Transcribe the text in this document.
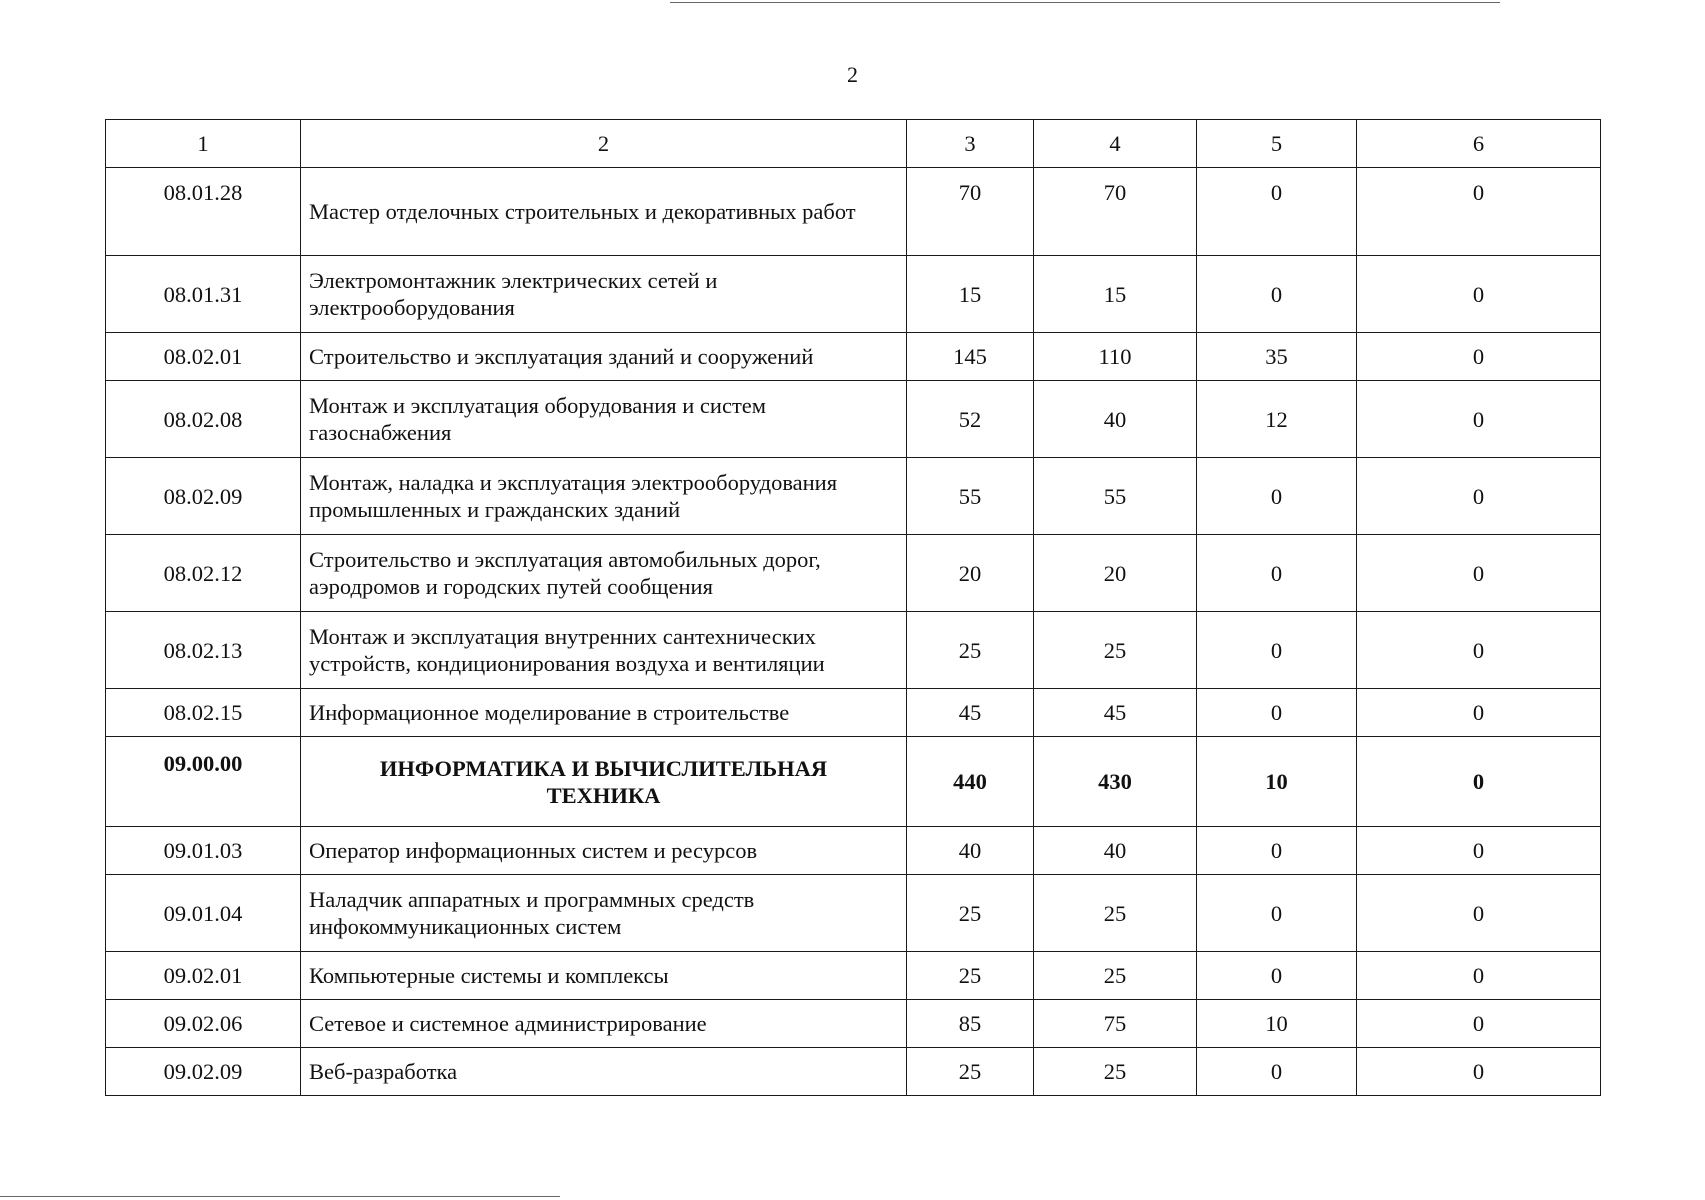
2
1	2	3	4	5	6
08.01.28	Мастер отделочных строительных и декоративных работ	70	70	0	0
08.01.31	Электромонтажник электрических сетей и электрооборудования	15	15	0	0
08.02.01	Строительство и эксплуатация зданий и сооружений	145	110	35	0
08.02.08	Монтаж и эксплуатация оборудования и систем газоснабжения	52	40	12	0
08.02.09	Монтаж, наладка и эксплуатация электрооборудования промышленных и гражданских зданий	55	55	0	0
08.02.12	Строительство и эксплуатация автомобильных дорог, аэродромов и городских путей сообщения	20	20	0	0
08.02.13	Монтаж и эксплуатация внутренних сантехнических устройств, кондиционирования воздуха и вентиляции	25	25	0	0
08.02.15	Информационное моделирование в строительстве	45	45	0	0
09.00.00	ИНФОРМАТИКА И ВЫЧИСЛИТЕЛЬНАЯ ТЕХНИКА	440	430	10	0
09.01.03	Оператор информационных систем и ресурсов	40	40	0	0
09.01.04	Наладчик аппаратных и программных средств инфокоммуникационных систем	25	25	0	0
09.02.01	Компьютерные системы и комплексы	25	25	0	0
09.02.06	Сетевое и системное администрирование	85	75	10	0
09.02.09	Веб-разработка	25	25	0	0
